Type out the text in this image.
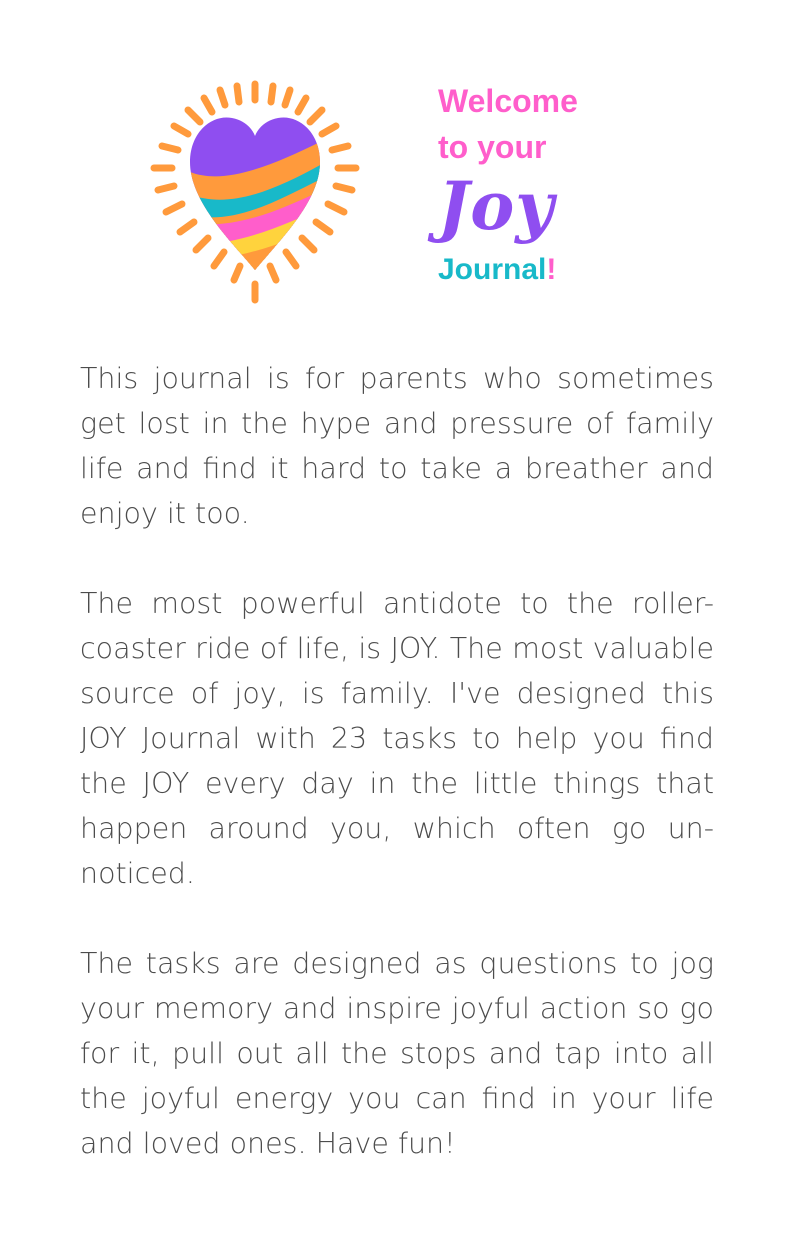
Welcome
to your
Joy
Journal!

This journal is for parents who sometimes get lost in the hype and pressure of family life and find it hard to take a breather and enjoy it too.

The most powerful antidote to the roller-coaster ride of life, is JOY. The most valuable source of joy, is family. I've designed this JOY Journal with 23 tasks to help you find the JOY every day in the little things that happen around you, which often go un-noticed.

The tasks are designed as questions to jog your memory and inspire joyful action so go for it, pull out all the stops and tap into all the joyful energy you can find in your life and loved ones. Have fun!
